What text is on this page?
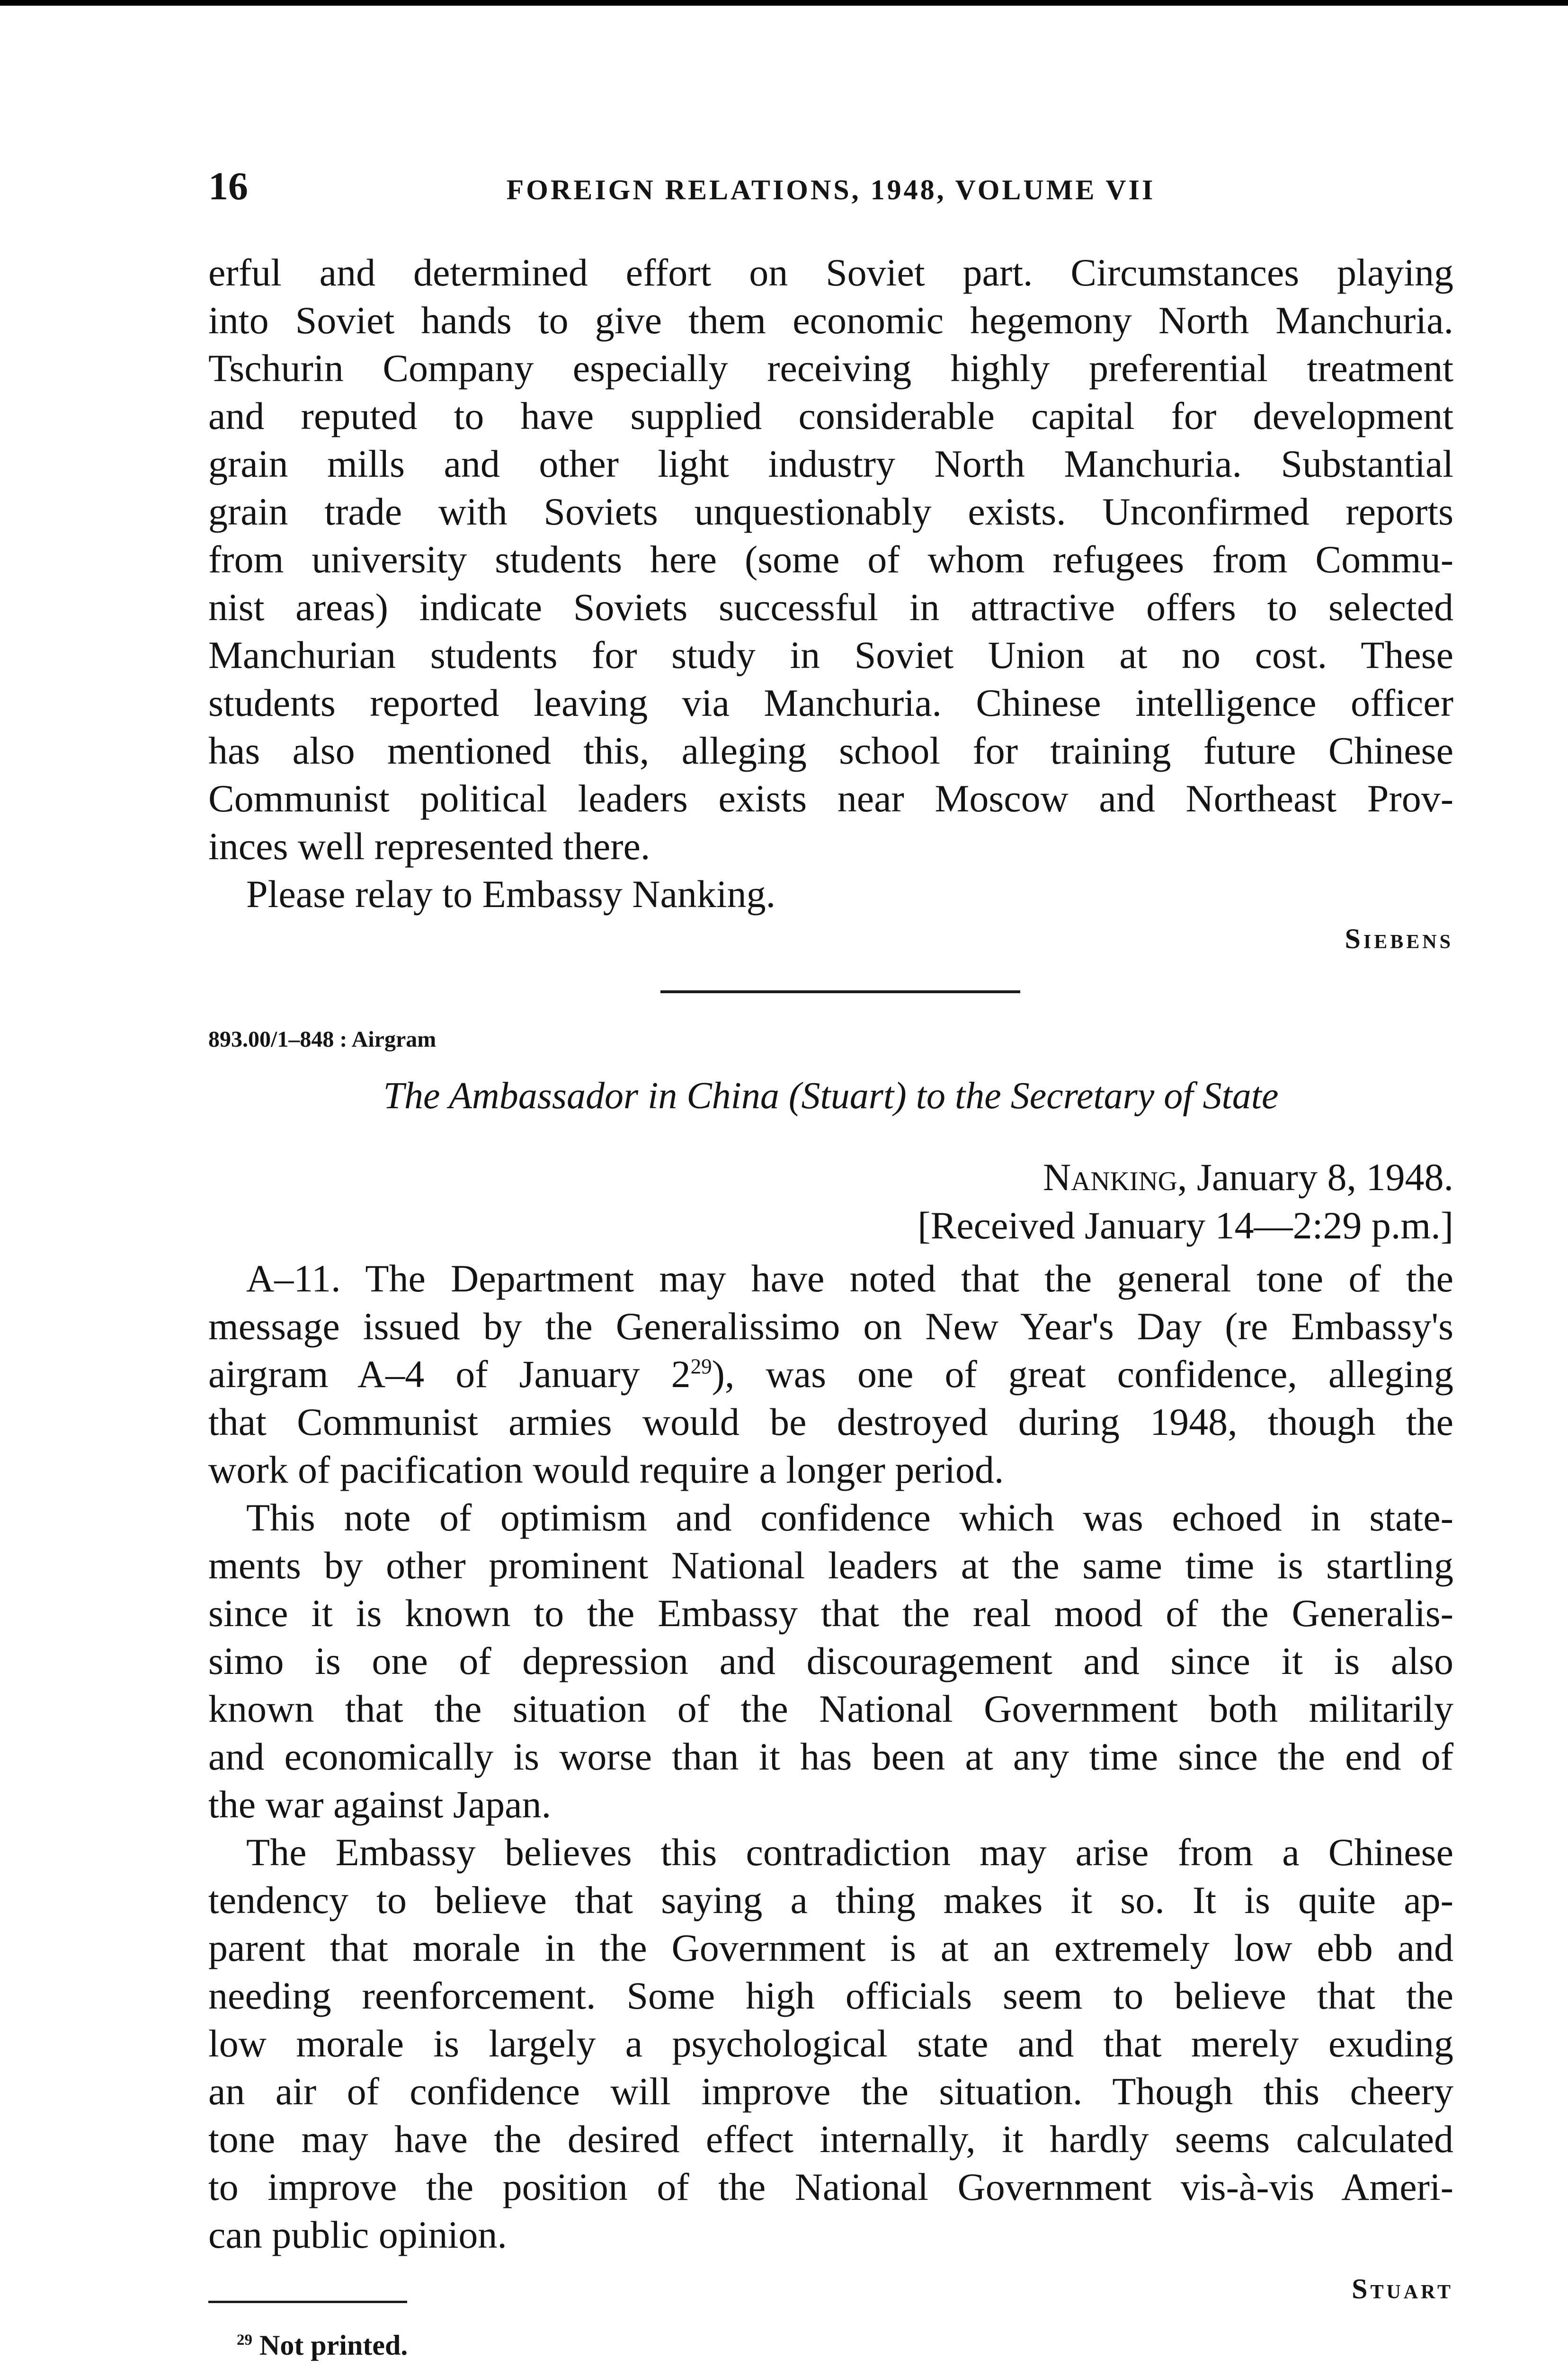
16	FOREIGN RELATIONS, 1948, VOLUME VII

erful and determined effort on Soviet part. Circumstances playing

into Soviet hands to give them economic hegemony North Manchuria.

Tschurin Company especially receiving highly preferential treatment

and reputed to have supplied considerable capital for development

grain mills and other light industry North Manchuria. Substantial

grain trade with Soviets unquestionably exists. Unconfirmed reports

from university students here (some of whom refugees from Commu-

nist areas) indicate Soviets successful in attractive offers to selected

Manchurian students for study in Soviet Union at no cost. These

students reported leaving via Manchuria. Chinese intelligence officer

has also mentioned this, alleging school for training future Chinese

Communist political leaders exists near Moscow and Northeast Prov-

inces well represented there.

Please relay to Embassy Nanking.

Siebens

893.00/1–848 : Airgram
The Ambassador in China (Stuart) to the Secretary of State
Nanking, January 8, 1948.
[Received January 14—2:29 p.m.]

A–11. The Department may have noted that the general tone of the

message issued by the Generalissimo on New Year's Day (re Embassy's

airgram A–4 of January $2^{29}$), was one of great confidence, alleging

that Communist armies would be destroyed during 1948, though the

work of pacification would require a longer period.

This note of optimism and confidence which was echoed in state-

ments by other prominent National leaders at the same time is startling

since it is known to the Embassy that the real mood of the Generalis-

simo is one of depression and discouragement and since it is also

known that the situation of the National Government both militarily

and economically is worse than it has been at any time since the end of

the war against Japan.

The Embassy believes this contradiction may arise from a Chinese

tendency to believe that saying a thing makes it so. It is quite ap-

parent that morale in the Government is at an extremely low ebb and

needing reenforcement. Some high officials seem to believe that the

low morale is largely a psychological state and that merely exuding

an air of confidence will improve the situation. Though this cheery

tone may have the desired effect internally, it hardly seems calculated

to improve the position of the National Government vis-à-vis Ameri-

can public opinion.

Stuart

$^{29}$ Not printed.
